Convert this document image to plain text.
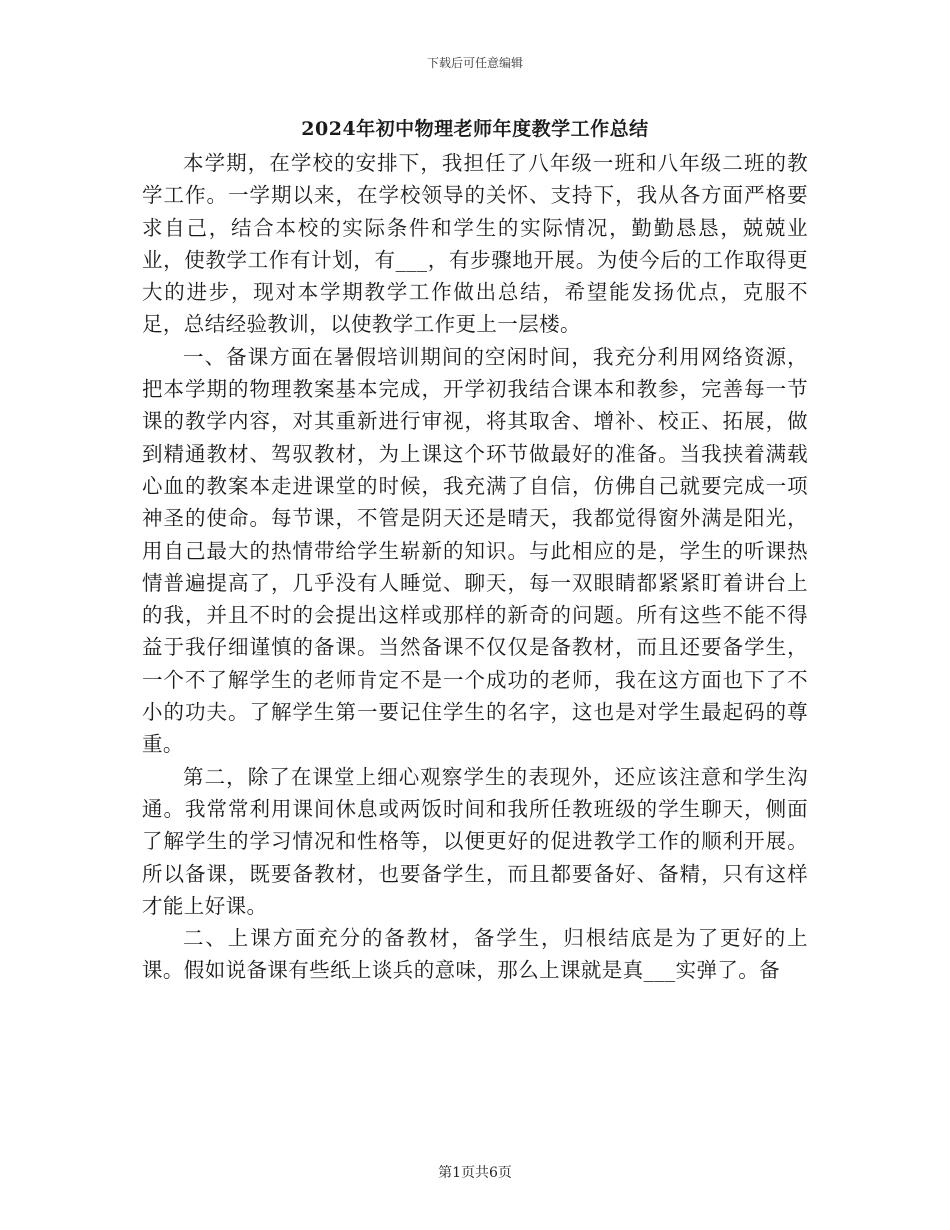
下载后可任意编辑
2024年初中物理老师年度教学工作总结

本学期，在学校的安排下，我担任了八年级一班和八年级二班的教学工作。一学期以来，在学校领导的关怀、支持下，我从各方面严格要求自己，结合本校的实际条件和学生的实际情况，勤勤恳恳，兢兢业业，使教学工作有计划，有___，有步骤地开展。为使今后的工作取得更大的进步，现对本学期教学工作做出总结，希望能发扬优点，克服不足，总结经验教训，以使教学工作更上一层楼。

一、备课方面在暑假培训期间的空闲时间，我充分利用网络资源，把本学期的物理教案基本完成，开学初我结合课本和教参，完善每一节课的教学内容，对其重新进行审视，将其取舍、增补、校正、拓展，做到精通教材、驾驭教材，为上课这个环节做最好的准备。当我挟着满载心血的教案本走进课堂的时候，我充满了自信，仿佛自己就要完成一项神圣的使命。每节课，不管是阴天还是晴天，我都觉得窗外满是阳光，用自己最大的热情带给学生崭新的知识。与此相应的是，学生的听课热情普遍提高了，几乎没有人睡觉、聊天，每一双眼睛都紧紧盯着讲台上的我，并且不时的会提出这样或那样的新奇的问题。所有这些不能不得益于我仔细谨慎的备课。当然备课不仅仅是备教材，而且还要备学生，一个不了解学生的老师肯定不是一个成功的老师，我在这方面也下了不小的功夫。了解学生第一要记住学生的名字，这也是对学生最起码的尊重。

第二，除了在课堂上细心观察学生的表现外，还应该注意和学生沟通。我常常利用课间休息或两饭时间和我所任教班级的学生聊天，侧面了解学生的学习情况和性格等，以便更好的促进教学工作的顺利开展。所以备课，既要备教材，也要备学生，而且都要备好、备精，只有这样才能上好课。

二、上课方面充分的备教材，备学生，归根结底是为了更好的上课。假如说备课有些纸上谈兵的意味，那么上课就是真___实弹了。备

第1页共6页
